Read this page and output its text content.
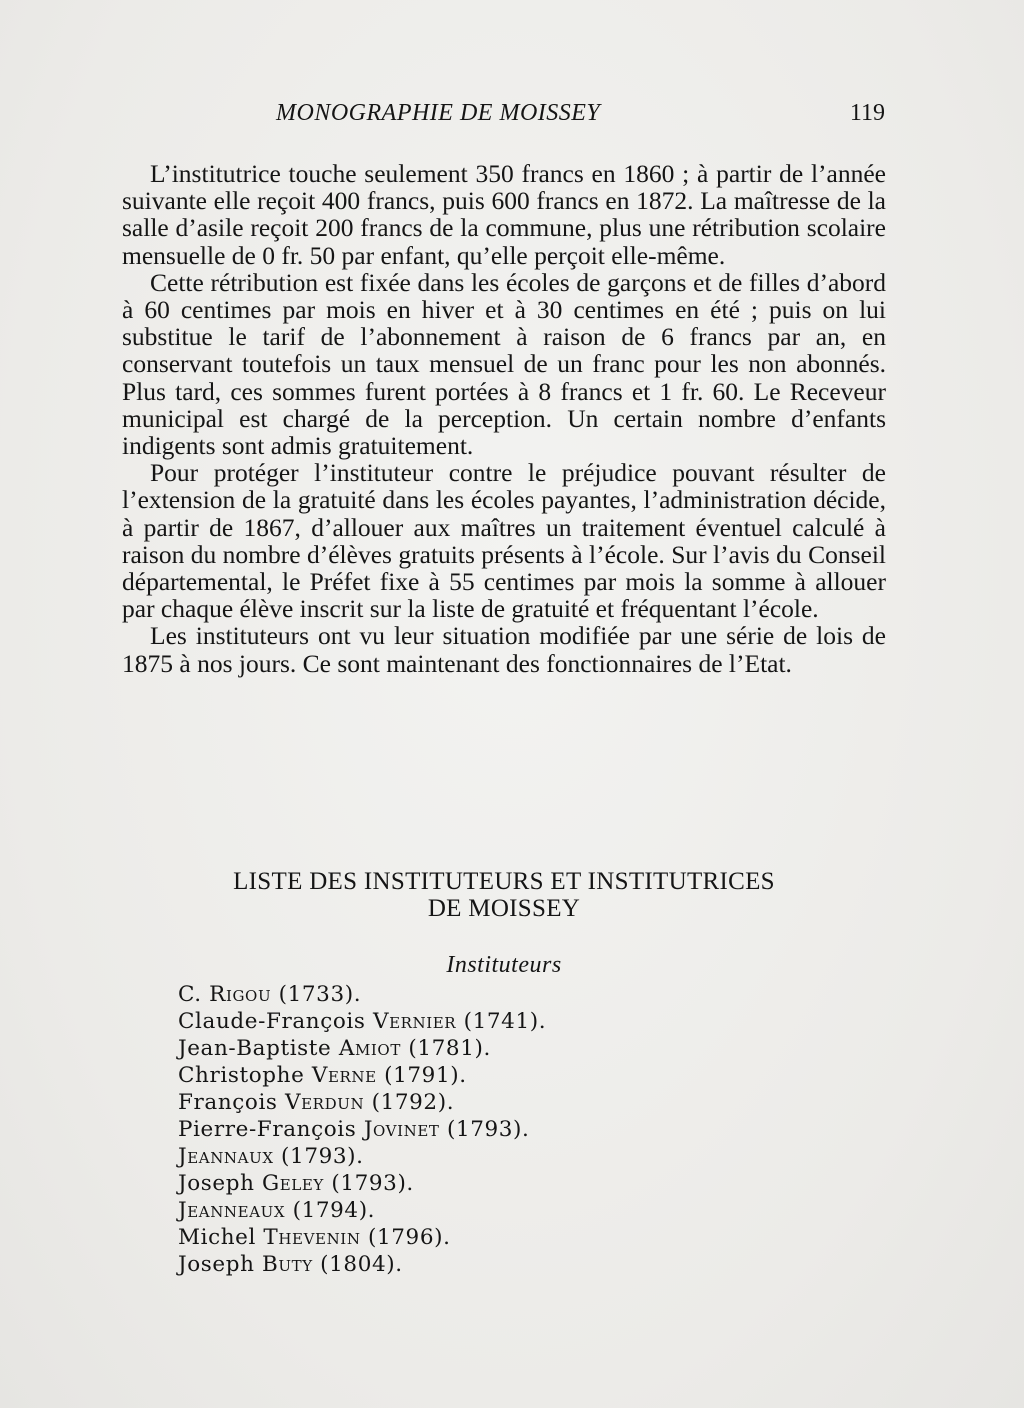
MONOGRAPHIE DE MOISSEY	119

L’institutrice touche seulement 350 francs en 1860 ; à partir de l’année suivante elle reçoit 400 francs, puis 600 francs en 1872. La maîtresse de la salle d’asile reçoit 200 francs de la commune, plus une rétribution scolaire mensuelle de 0 fr. 50 par enfant, qu’elle perçoit elle-même.

Cette rétribution est fixée dans les écoles de garçons et de filles d’abord à 60 centimes par mois en hiver et à 30 centimes en été ; puis on lui substitue le tarif de l’abonnement à raison de 6 francs par an, en conservant toutefois un taux mensuel de un franc pour les non abonnés. Plus tard, ces sommes furent portées à 8 francs et 1 fr. 60. Le Receveur municipal est chargé de la perception. Un certain nombre d’enfants indigents sont admis gratuitement.

Pour protéger l’instituteur contre le préjudice pouvant résulter de l’extension de la gratuité dans les écoles payantes, l’administration décide, à partir de 1867, d’allouer aux maîtres un traitement éventuel calculé à raison du nombre d’élèves gratuits présents à l’école. Sur l’avis du Conseil départemental, le Préfet fixe à 55 centimes par mois la somme à allouer par chaque élève inscrit sur la liste de gratuité et fréquentant l’école.

Les instituteurs ont vu leur situation modifiée par une série de lois de 1875 à nos jours. Ce sont maintenant des fonctionnaires de l’Etat.

LISTE DES INSTITUTEURS ET INSTITUTRICES
DE MOISSEY
Instituteurs
C. Rigou (1733).
Claude-François Vernier (1741).
Jean-Baptiste Amiot (1781).
Christophe Verne (1791).
François Verdun (1792).
Pierre-François Jovinet (1793).
Jeannaux (1793).
Joseph Geley (1793).
Jeanneaux (1794).
Michel Thevenin (1796).
Joseph Buty (1804).
